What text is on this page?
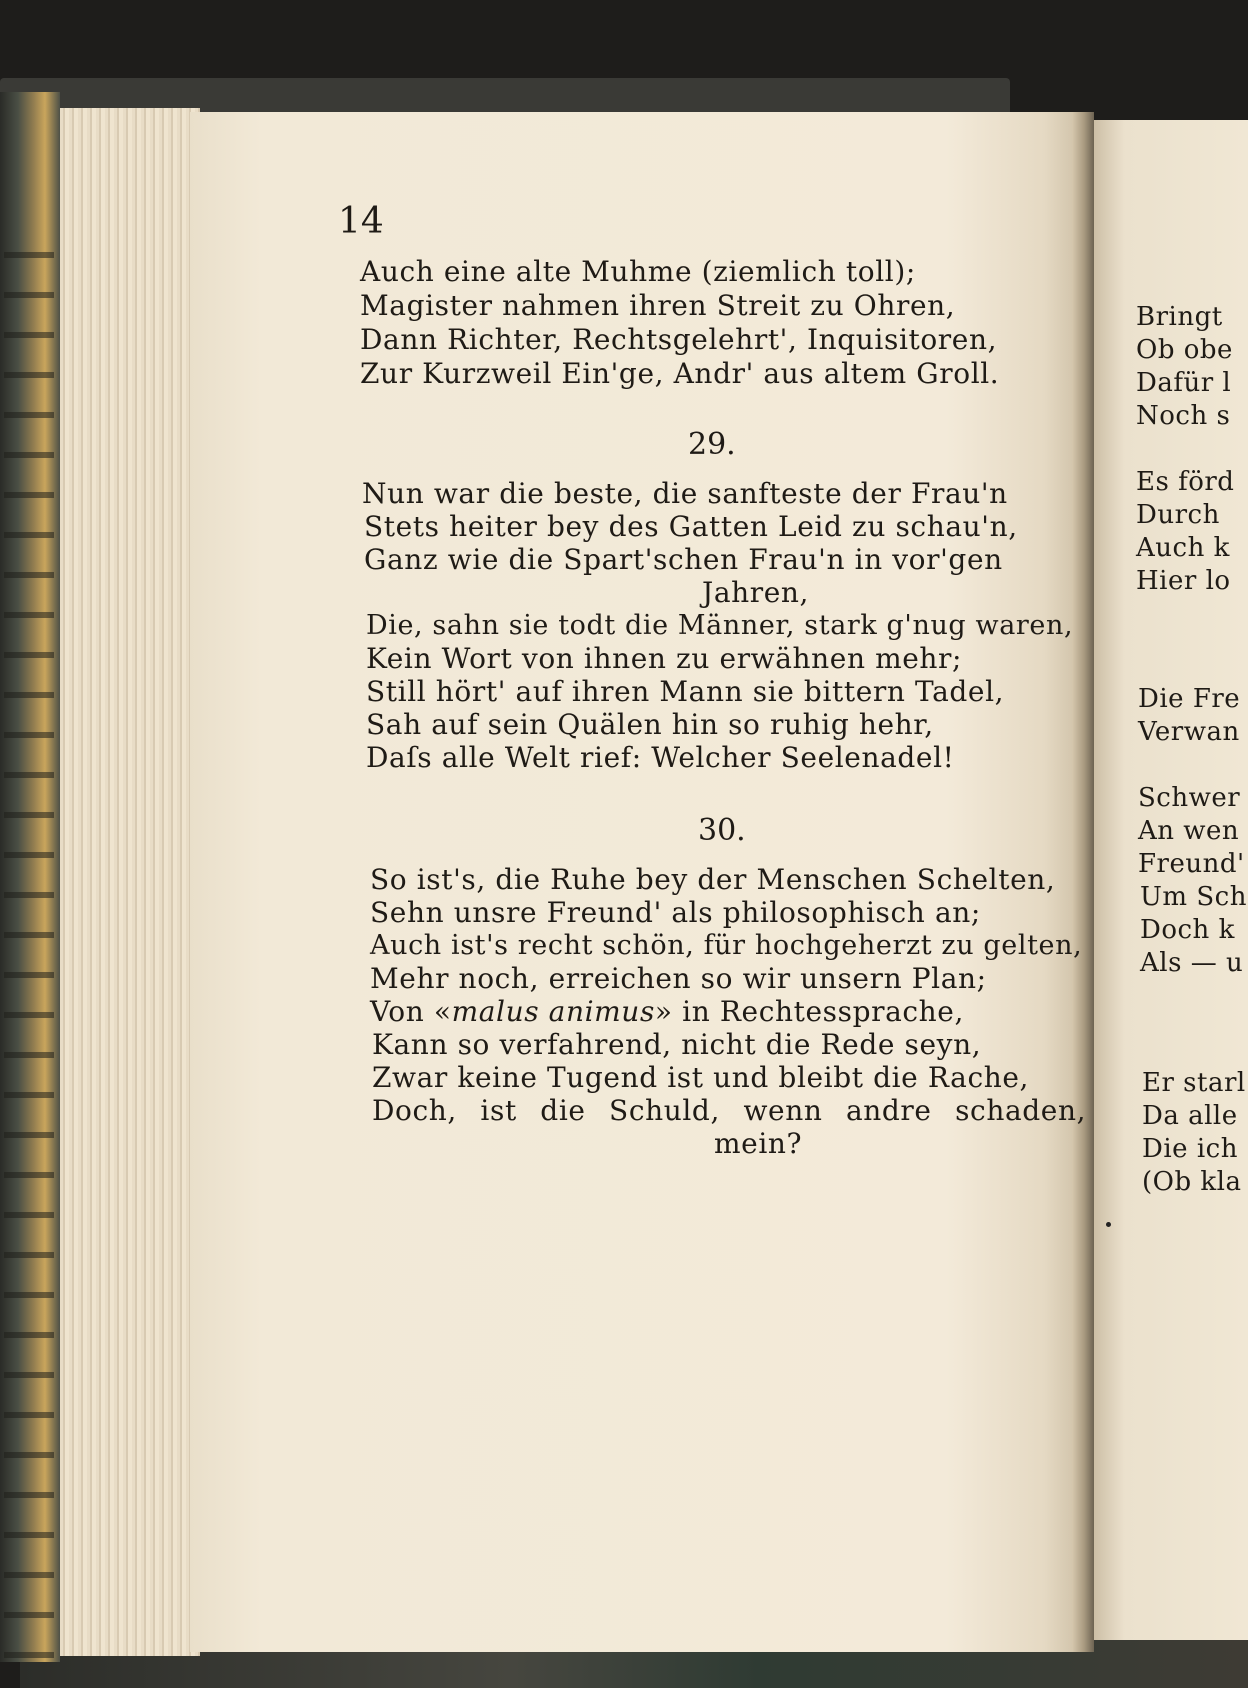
14
Auch eine alte Muhme (ziemlich toll);
Magister nahmen ihren Streit zu Ohren,
Dann Richter, Rechtsgelehrt', Inquisitoren,
Zur Kurzweil Ein'ge, Andr' aus altem Groll.
29.
Nun war die beste, die sanfteste der Frau'n
Stets heiter bey des Gatten Leid zu schau'n,
Ganz wie die Spart'schen Frau'n in vor'gen
Jahren,
Die, sahn sie todt die Männer, stark g'nug waren,
Kein Wort von ihnen zu erwähnen mehr;
Still hört' auf ihren Mann sie bittern Tadel,
Sah auf sein Quälen hin so ruhig hehr,
Daſs alle Welt rief: Welcher Seelenadel!
30.
So ist's, die Ruhe bey der Menschen Schelten,
Sehn unsre Freund' als philosophisch an;
Auch ist's recht schön, für hochgeherzt zu gelten,
Mehr noch, erreichen so wir unsern Plan;
Von «malus animus» in Rechtessprache,
Kann so verfahrend, nicht die Rede seyn,
Zwar keine Tugend ist und bleibt die Rache,
Doch, ist die Schuld, wenn andre schaden,
mein?
Bringt
Ob obe
Dafür l
Noch s
Es förd
Durch
Auch k
Hier lo
Die Fre
Verwan
Schwer
An wen
Freund'
Um Sch
Doch k
Als — u
Er starl
Da alle
Die ich
(Ob kla
